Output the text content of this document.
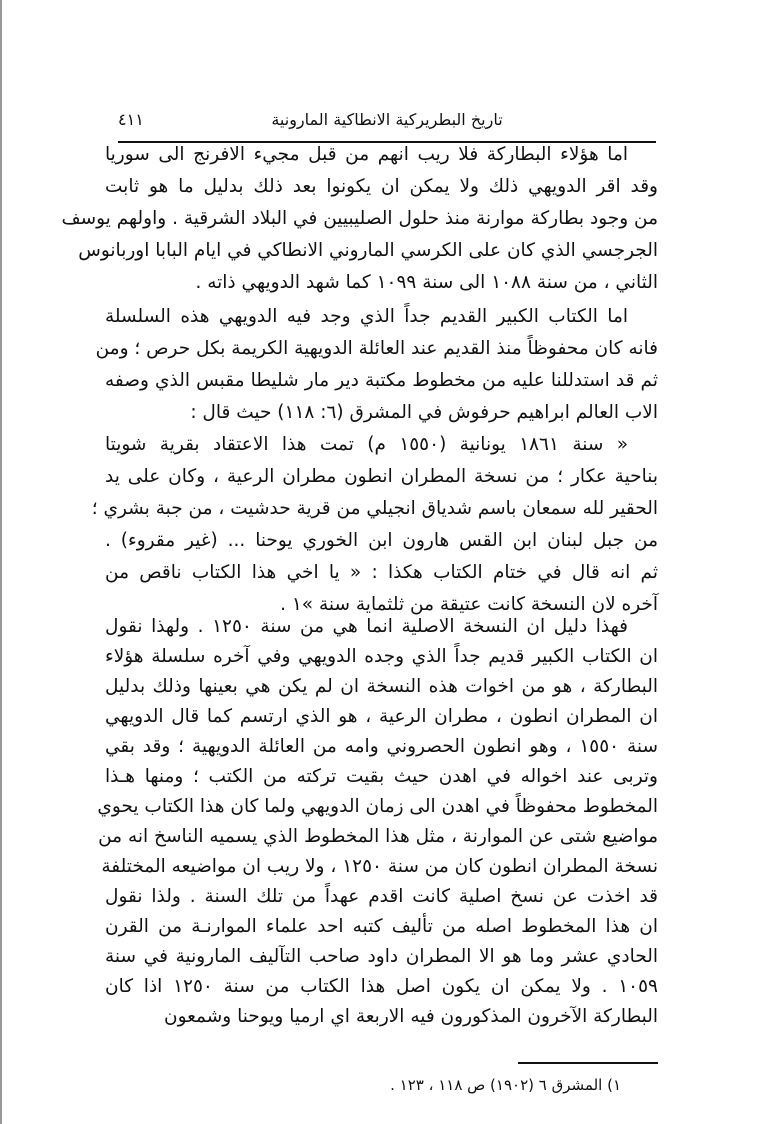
تاريخ البطريركية الانطاكية المارونية
٤١١
اما هؤلاء البطاركة فلا ريب انهم من قبل مجيء الافرنج الى سوريا
وقد اقر الدويهي ذلك ولا يمكن ان يكونوا بعد ذلك بدليل ما هو ثابت
من وجود بطاركة موارنة منذ حلول الصليبيين في البلاد الشرقية . واولهم يوسف
الجرجسي الذي كان على الكرسي الماروني الانطاكي في ايام البابا اوربانوس
الثاني ، من سنة ١٠٨٨ الى سنة ١٠٩٩ كما شهد الدويهي ذاته .
اما الكتاب الكبير القديم جداً الذي وجد فيه الدويهي هذه السلسلة
فانه كان محفوظاً منذ القديم عند العائلة الدويهية الكريمة بكل حرص ؛ ومن
ثم قد استدللنا عليه من مخطوط مكتبة دير مار شليطا مقبس الذي وصفه
الاب العالم ابراهيم حرفوش في المشرق (٦: ١١٨) حيث قال :
« سنة ١٨٦١ يونانية (١٥٥٠ م) تمت هذا الاعتقاد بقرية شويتا
بناحية عكار ؛ من نسخة المطران انطون مطران الرعية ، وكان على يد
الحقير لله سمعان باسم شدياق انجيلي من قرية حدشيت ، من جبة بشري ؛
من جبل لبنان ابن القس هارون ابن الخوري يوحنا ... (غير مقروء) .
ثم انه قال في ختام الكتاب هكذا : « يا اخي هذا الكتاب ناقص من
آخره لان النسخة كانت عتيقة من ثلثماية سنة »١ .
فهذا دليل ان النسخة الاصلية انما هي من سنة ١٢٥٠ . ولهذا نقول
ان الكتاب الكبير قديم جداً الذي وجده الدويهي وفي آخره سلسلة هؤلاء
البطاركة ، هو من اخوات هذه النسخة ان لم يكن هي بعينها وذلك بدليل
ان المطران انطون ، مطران الرعية ، هو الذي ارتسم كما قال الدويهي
سنة ١٥٥٠ ، وهو انطون الحصروني وامه من العائلة الدويهية ؛ وقد بقي
وتربى عند اخواله في اهدن حيث بقيت تركته من الكتب ؛ ومنها هـذا
المخطوط محفوظاً في اهدن الى زمان الدويهي ولما كان هذا الكتاب يحوي
مواضيع شتى عن الموارنة ، مثل هذا المخطوط الذي يسميه الناسخ انه من
نسخة المطران انطون كان من سنة ١٢٥٠ ، ولا ريب ان مواضيعه المختلفة
قد اخذت عن نسخ اصلية كانت اقدم عهداً من تلك السنة . ولذا نقول
ان هذا المخطوط اصله من تأليف كتبه احد علماء الموارنـة من القرن
الحادي عشر وما هو الا المطران داود صاحب التآليف المارونية في سنة
١٠٥٩ . ولا يمكن ان يكون اصل هذا الكتاب من سنة ١٢٥٠ اذا كان
البطاركة الآخرون المذكورون فيه الاربعة اي ارميا ويوحنا وشمعون
١) المشرق ٦ (١٩٠٢) ص ١١٨ ، ١٢٣ .
